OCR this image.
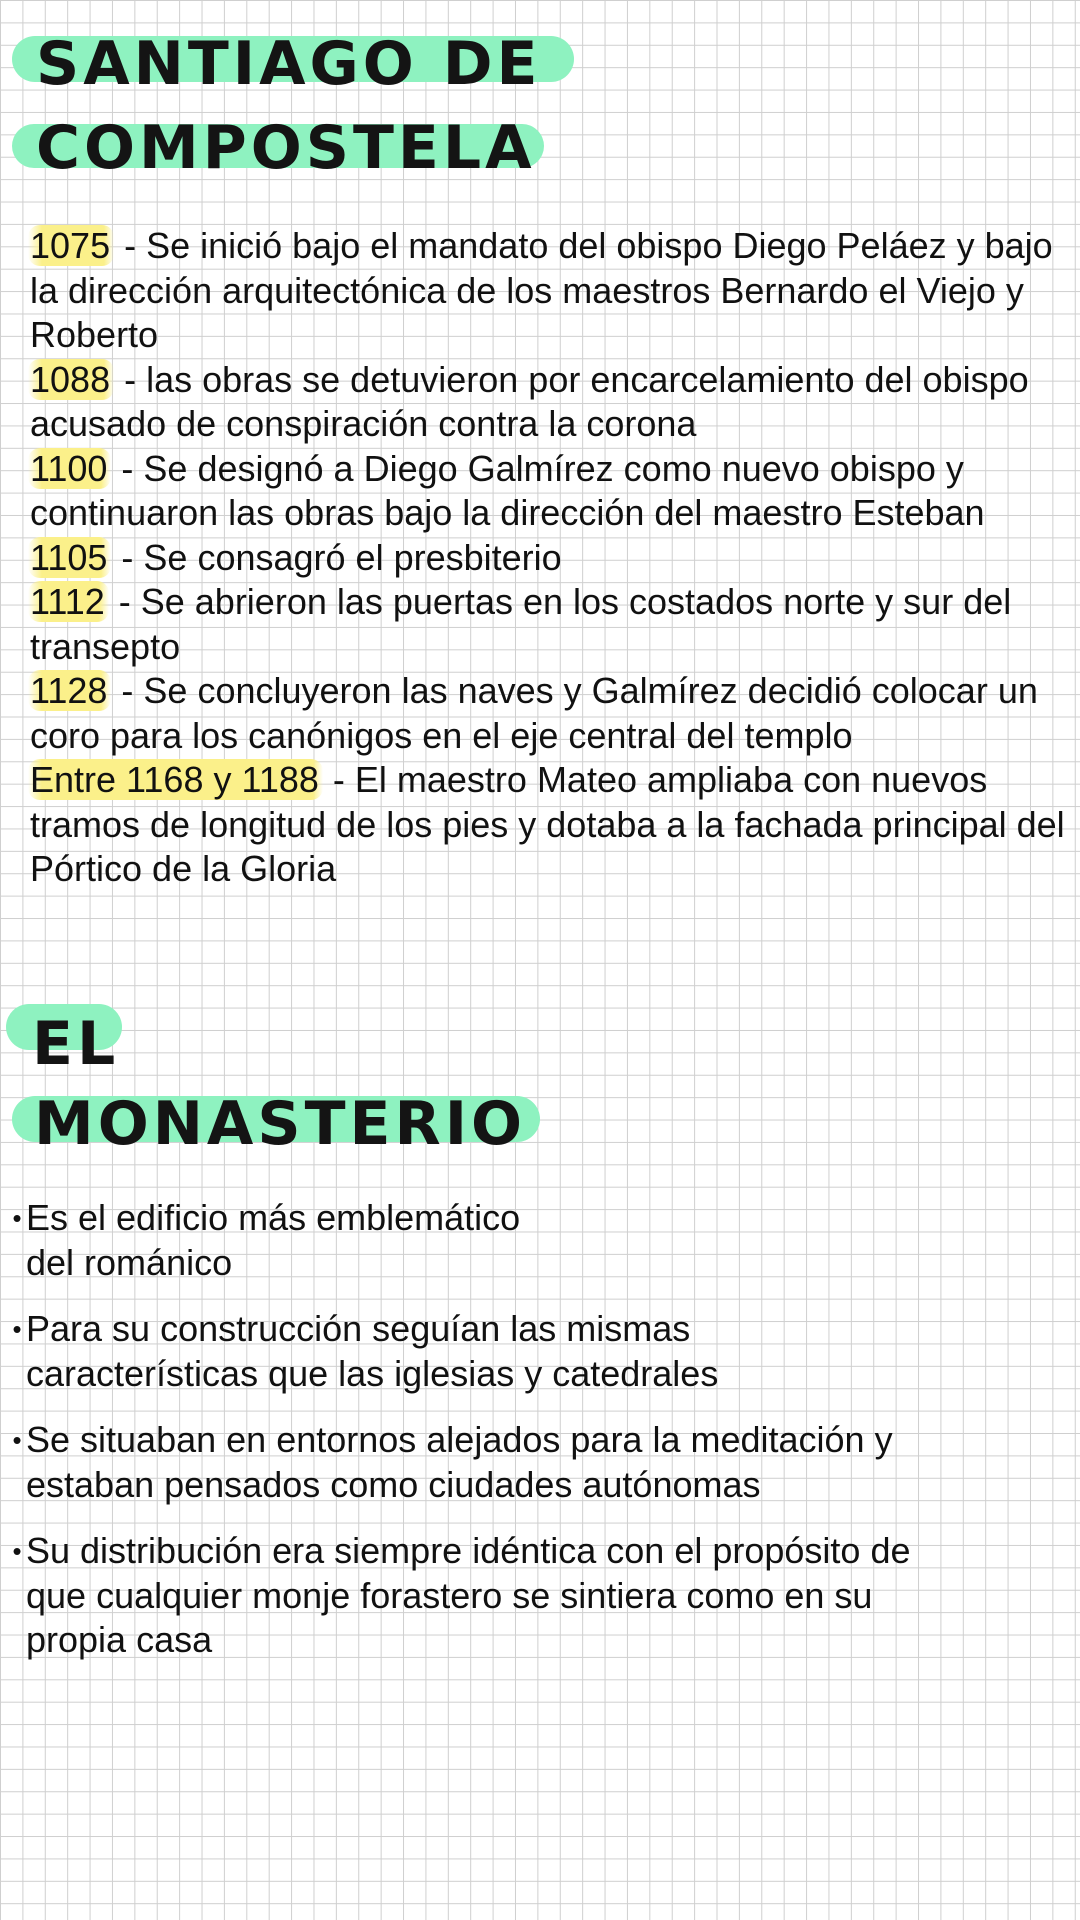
SANTIAGO DE
COMPOSTELA

1075 - Se inició bajo el mandato del obispo Diego Peláez y bajo la dirección arquitectónica de los maestros Bernardo el Viejo y Roberto

1088 - las obras se detuvieron por encarcelamiento del obispo acusado de conspiración contra la corona

1100 - Se designó a Diego Galmírez como nuevo obispo y continuaron las obras bajo la dirección del maestro Esteban

1105 - Se consagró el presbiterio

1112 - Se abrieron las puertas en los costados norte y sur del transepto

1128 - Se concluyeron las naves y Galmírez decidió colocar un coro para los canónigos en el eje central del templo

Entre 1168 y 1188 - El maestro Mateo ampliaba con nuevos tramos de longitud de los pies y dotaba a la fachada principal del Pórtico de la Gloria

EL
MONASTERIO
• Es el edificio más emblemático
del románico
• Para su construcción seguían las mismas
características que las iglesias y catedrales
• Se situaban en entornos alejados para la meditación y
estaban pensados como ciudades autónomas
• Su distribución era siempre idéntica con el propósito de
que cualquier monje forastero se sintiera como en su
propia casa
